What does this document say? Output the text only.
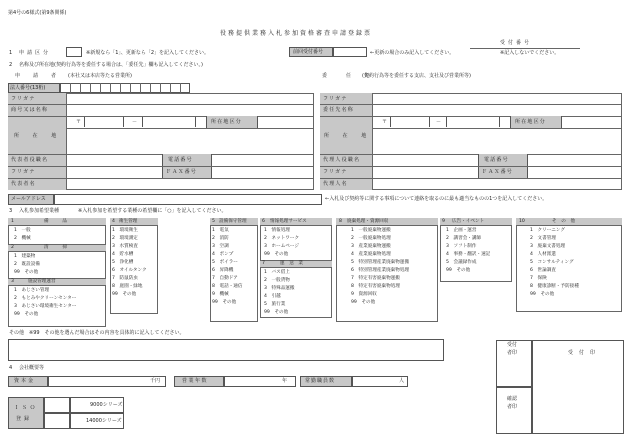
第4号の6様式(第9条関係)
役務提供業務入札参加資格審査申請登録票
受付番号
※記入しないでください。
1 申請区分	※新規なら「1」、更新なら「2」を記入してください。	前回受付番号	←更新の場合のみ記入してください。
2 名称及び所在地(契約行為等を委任する場合は、「委任先」欄も記入してください。)
申　　請　　者 (本社又は本店等たる営業所)	委　　　任　　先
(契約行為等を委任する支店、支社及び営業所等)
法人番号(13桁)
フリガナ
商号又は名称
〒	－	所在地区分
所　　在　　地
代表者役職名	電話番号
フリガナ	ＦＡＸ番号
代表者名
フリガナ
委任先名称
〒	－	所在地区分
所　　在　　地
代理人役職名	電話番号
フリガナ	ＦＡＸ番号
代理人名
メールアドレス	←入札及び契約等に関する事項について連絡を取るのに最も適当なものの1つを記入してください。
3 入札参加希望業種	※入札参加を希望する業種の希望欄に「○」を記入してください。
1	備　　　品
1　一般
2　機械
2	清　　　掃
1　建築物
2　既設設備
99　その他
3	施設管理運営
1　あじさい管理
2　もとみやクリーンセンター
3　あじさい環境衛生センター
99　その他
4 衛生管理
1　環境衛生
2　環境測定
3　水質検査
4　貯水槽
5　浄化槽
6　オイルタンク
7　防鼠防虫
8　庭園・緑地
99　その他
5 設備保守管理
1　電気
2　消防
3　空調
4　ポンプ
5　ボイラー
6　昇降機
7　自動ドア
8　電話・通信
9　機械
99　その他
6 情報処理サービス
1　情報処理
2　ネットワーク
3　ホームページ
99　その他
7	運　送　業
1　バス借上
2　一般貨物
3　特殊品運搬
4　引越
5　旅行業
99　その他
8 廃棄処理・資源回収
1　一般廃棄物運搬
2　一般廃棄物処理
3　産業廃棄物運搬
4　産業廃棄物処理
5　特別管理産業廃棄物運搬
6　特別管理産業廃棄物処理
7　特定有害廃棄物運搬
8　特定有害廃棄物処理
9　資源回収
99　その他
9 広告・イベント
1　企画・運営
2　講習会・講師
3　ソフト制作
4　事務・翻訳・速記
5　会議録作成
99　その他
10	そ　の　他
1　クリーニング
2　文書管理
3　廃棄文書処理
4　人材派遣
5　コンサルティング
6　世論調査
7　保険
8　健康診断・予防接種
99　その他
その他　※99　その他を選んだ場合はその内容を具体的に記入してください。
受付印
4 会社概要等
資本金	千円	営業年数	年	常勤職員数	人
ＩＳＯ
登録
9000シリーズ
14000シリーズ
受付
者印
確認
者印
